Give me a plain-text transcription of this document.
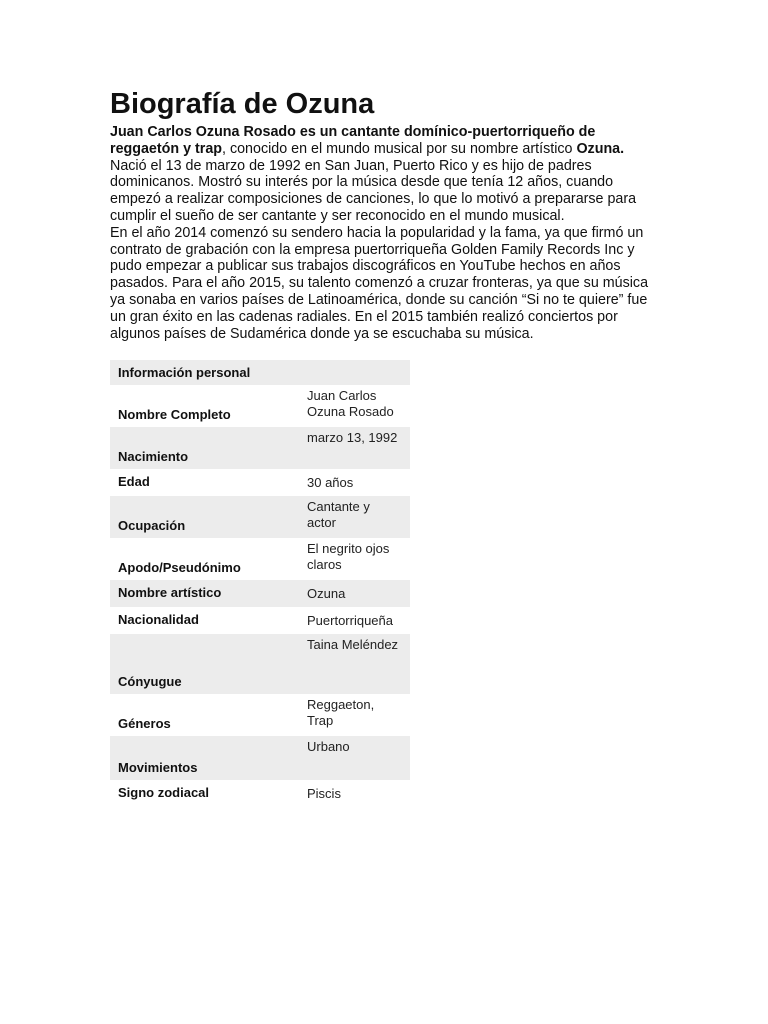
Biografía de Ozuna

Juan Carlos Ozuna Rosado es un cantante domínico-puertorriqueño de reggaetón y trap, conocido en el mundo musical por su nombre artístico Ozuna. Nació el 13 de marzo de 1992 en San Juan, Puerto Rico y es hijo de padres dominicanos. Mostró su interés por la música desde que tenía 12 años, cuando empezó a realizar composiciones de canciones, lo que lo motivó a prepararse para cumplir el sueño de ser cantante y ser reconocido en el mundo musical.

En el año 2014 comenzó su sendero hacia la popularidad y la fama, ya que firmó un contrato de grabación con la empresa puertorriqueña Golden Family Records Inc y pudo empezar a publicar sus trabajos discográficos en YouTube hechos en años pasados. Para el año 2015, su talento comenzó a cruzar fronteras, ya que su música ya sonaba en varios países de Latinoamérica, donde su canción “Si no te quiere” fue un gran éxito en las cadenas radiales. En el 2015 también realizó conciertos por algunos países de Sudamérica donde ya se escuchaba su música.

Información personal	
Nombre Completo	Juan Carlos Ozuna Rosado
Nacimiento	marzo 13, 1992
Edad	30 años
Ocupación	Cantante y actor
Apodo/Pseudónimo	El negrito ojos claros
Nombre artístico	Ozuna
Nacionalidad	Puertorriqueña
Cónyugue	Taina Meléndez
Géneros	Reggaeton, Trap
Movimientos	Urbano
Signo zodiacal	Piscis
